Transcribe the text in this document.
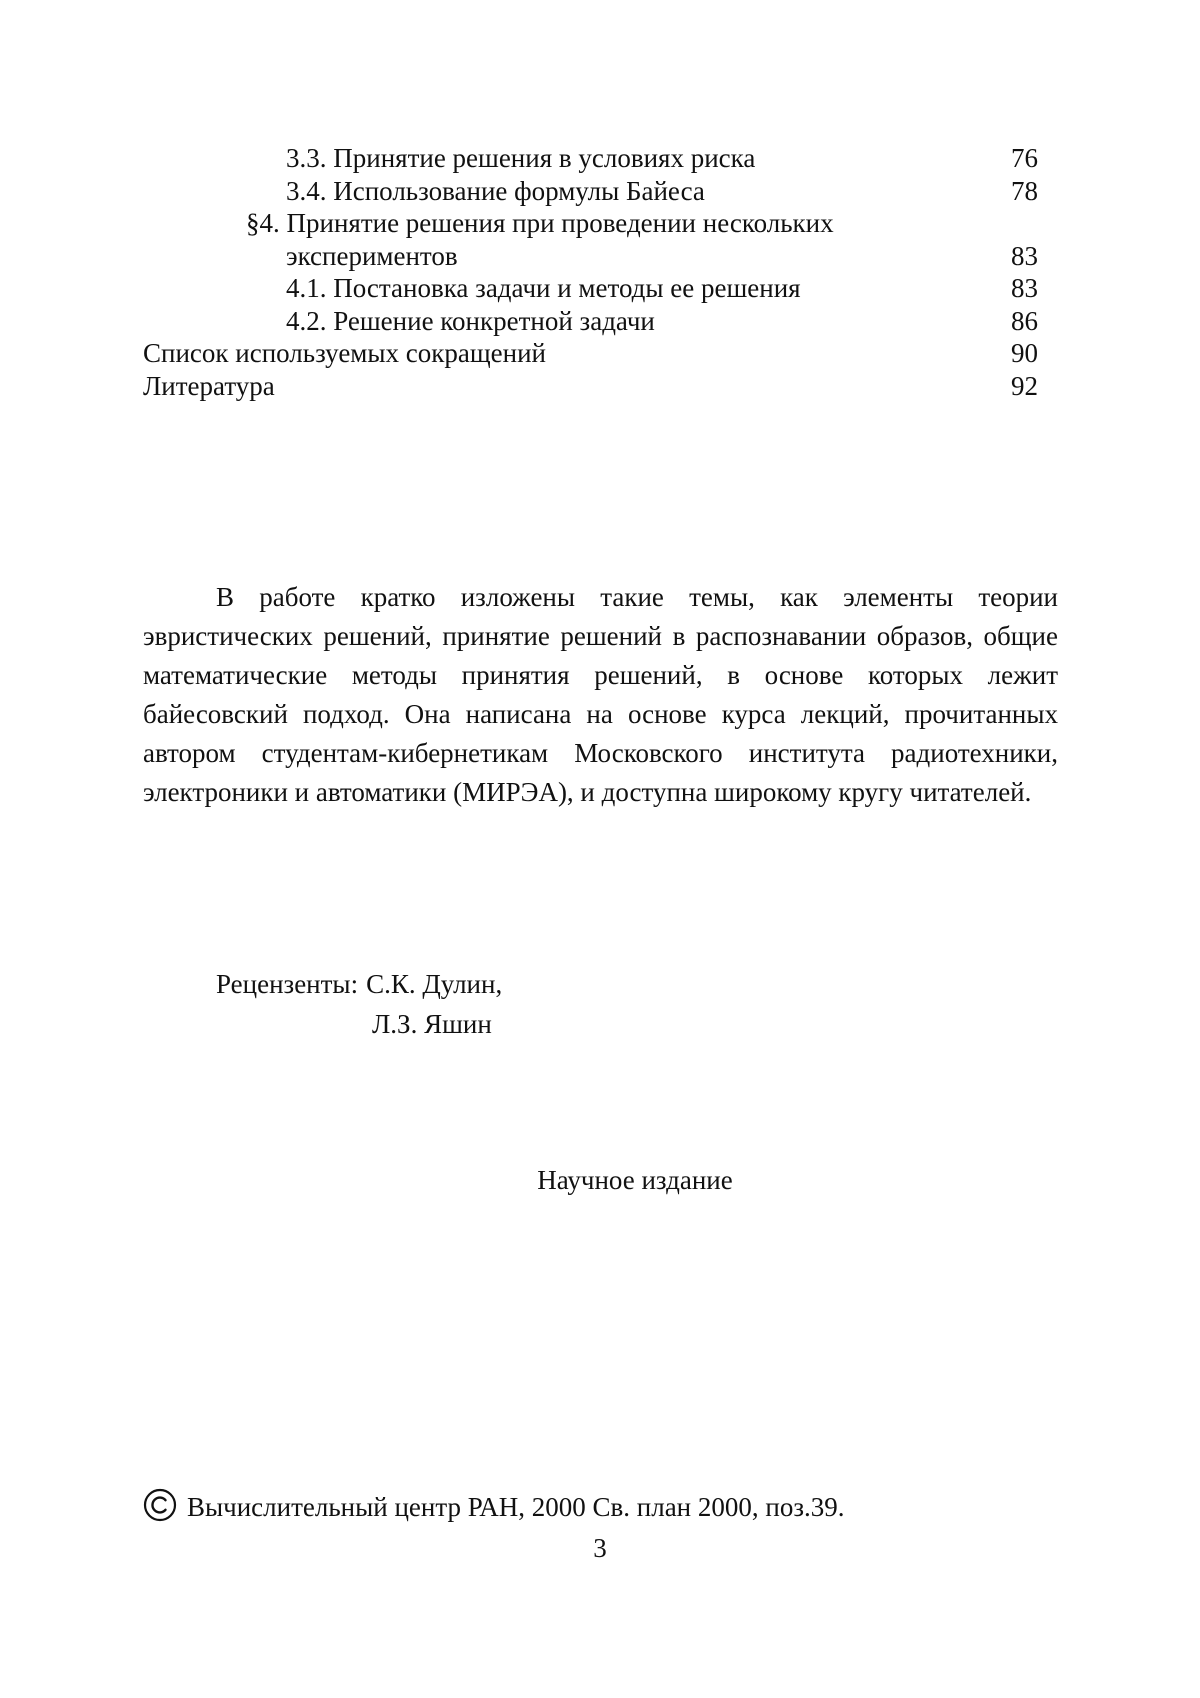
3.3. Принятие решения в условиях риска	76
3.4. Использование формулы Байеса	78
§4. Принятие решения при проведении нескольких
экспериментов	83
4.1. Постановка задачи и методы ее решения	83
4.2. Решение конкретной задачи	86
Список используемых сокращений	90
Литература	92

В работе кратко изложены такие темы, как элементы теории эвристических решений, принятие решений в распознавании образов, общие математические методы принятия решений, в основе которых лежит байесовский подход. Она написана на основе курса лекций, прочитанных автором студентам-кибернетикам Московского института радиотехники, электроники и автоматики (МИРЭА), и доступна широкому кругу читателей.

Рецензенты: С.К. Дулин,
Л.З. Яшин
Научное издание
Вычислительный центр РАН, 2000 Св. план 2000, поз.39.
3
